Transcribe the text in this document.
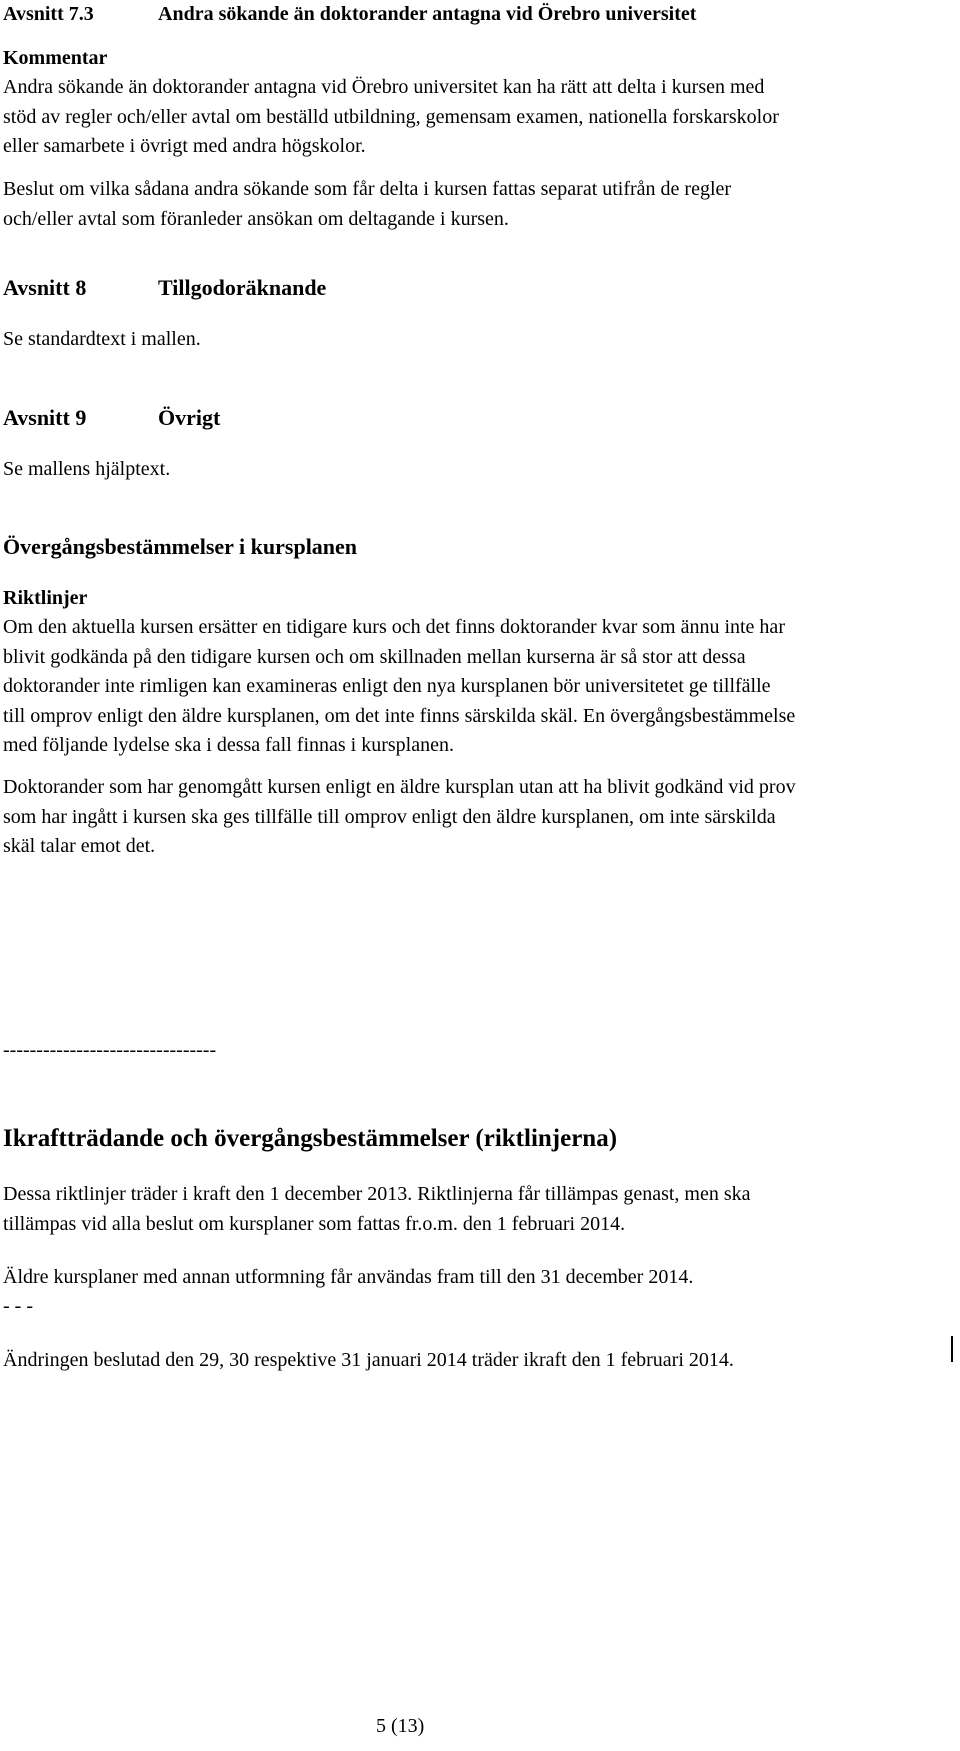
Avsnitt 7.3	Andra sökande än doktorander antagna vid Örebro universitet
Kommentar
Andra sökande än doktorander antagna vid Örebro universitet kan ha rätt att delta i kursen med
stöd av regler och/eller avtal om beställd utbildning, gemensam examen, nationella forskarskolor
eller samarbete i övrigt med andra högskolor.
Beslut om vilka sådana andra sökande som får delta i kursen fattas separat utifrån de regler
och/eller avtal som föranleder ansökan om deltagande i kursen.
Avsnitt 8	Tillgodoräknande
Se standardtext i mallen.
Avsnitt 9	Övrigt
Se mallens hjälptext.
Övergångsbestämmelser i kursplanen
Riktlinjer
Om den aktuella kursen ersätter en tidigare kurs och det finns doktorander kvar som ännu inte har
blivit godkända på den tidigare kursen och om skillnaden mellan kurserna är så stor att dessa
doktorander inte rimligen kan examineras enligt den nya kursplanen bör universitetet ge tillfälle
till omprov enligt den äldre kursplanen, om det inte finns särskilda skäl. En övergångsbestämmelse
med följande lydelse ska i dessa fall finnas i kursplanen.
Doktorander som har genomgått kursen enligt en äldre kursplan utan att ha blivit godkänd vid prov
som har ingått i kursen ska ges tillfälle till omprov enligt den äldre kursplanen, om inte särskilda
skäl talar emot det.
--------------------------------
Ikraftträdande och övergångsbestämmelser (riktlinjerna)
Dessa riktlinjer träder i kraft den 1 december 2013. Riktlinjerna får tillämpas genast, men ska
tillämpas vid alla beslut om kursplaner som fattas fr.o.m. den 1 februari 2014.
Äldre kursplaner med annan utformning får användas fram till den 31 december 2014.
- - -
Ändringen beslutad den 29, 30 respektive 31 januari 2014 träder ikraft den 1 februari 2014.
5 (13)
